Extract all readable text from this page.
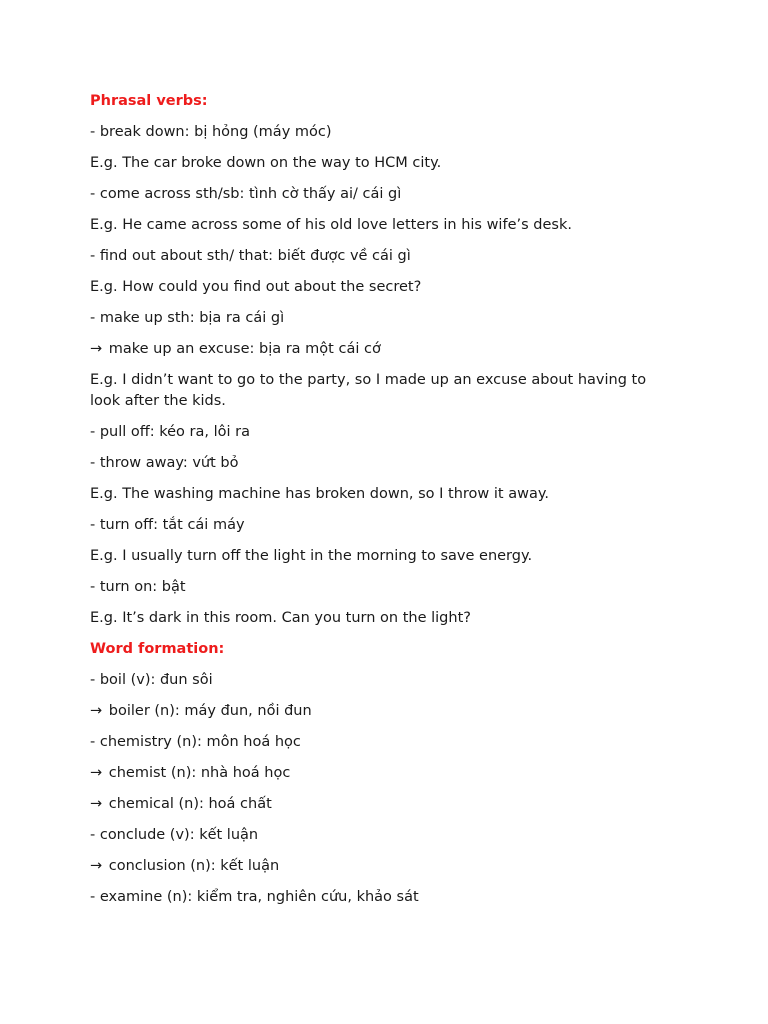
Phrasal verbs:

- break down: bị hỏng (máy móc)

E.g. The car broke down on the way to HCM city.

- come across sth/sb: tình cờ thấy ai/ cái gì

E.g. He came across some of his old love letters in his wife’s desk.

- find out about sth/ that: biết được về cái gì

E.g. How could you find out about the secret?

- make up sth: bịa ra cái gì

→ make up an excuse: bịa ra một cái cớ

E.g. I didn’t want to go to the party, so I made up an excuse about having to look after the kids.

- pull off: kéo ra, lôi ra

- throw away: vứt bỏ

E.g. The washing machine has broken down, so I throw it away.

- turn off: tắt cái máy

E.g. I usually turn off the light in the morning to save energy.

- turn on: bật

E.g. It’s dark in this room. Can you turn on the light?

Word formation:

- boil (v): đun sôi

→ boiler (n): máy đun, nồi đun

- chemistry (n): môn hoá học

→ chemist (n): nhà hoá học

→ chemical (n): hoá chất

- conclude (v): kết luận

→ conclusion (n): kết luận

- examine (n): kiểm tra, nghiên cứu, khảo sát
